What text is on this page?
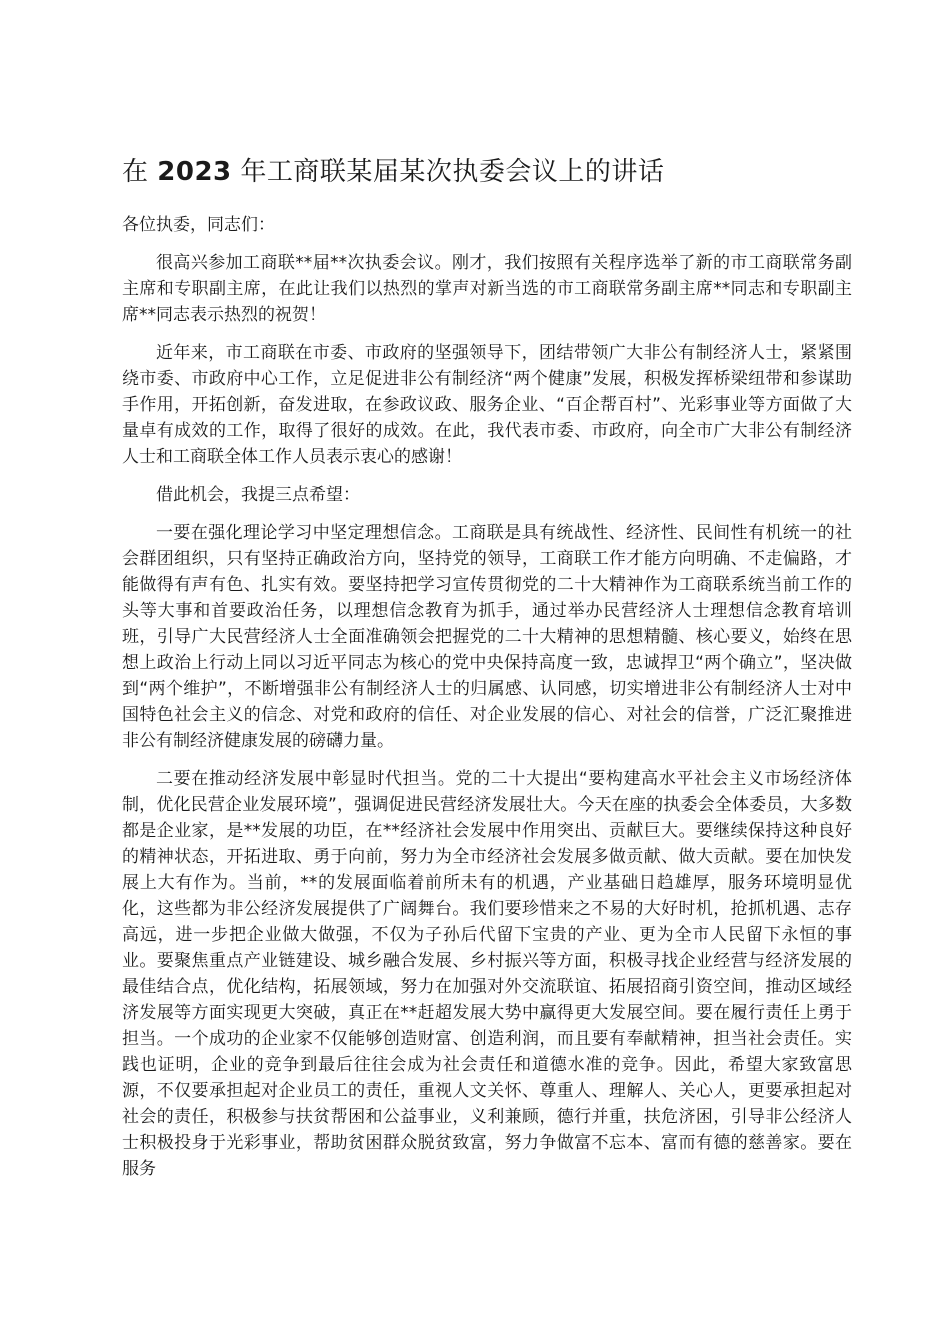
在 2023 年工商联某届某次执委会议上的讲话

各位执委，同志们：

很高兴参加工商联**届**次执委会议。刚才，我们按照有关程序选举了新的市工商联常务副主席和专职副主席，在此让我们以热烈的掌声对新当选的市工商联常务副主席**同志和专职副主席**同志表示热烈的祝贺！

近年来，市工商联在市委、市政府的坚强领导下，团结带领广大非公有制经济人士，紧紧围绕市委、市政府中心工作，立足促进非公有制经济“两个健康”发展，积极发挥桥梁纽带和参谋助手作用，开拓创新，奋发进取，在参政议政、服务企业、“百企帮百村”、光彩事业等方面做了大量卓有成效的工作，取得了很好的成效。在此，我代表市委、市政府，向全市广大非公有制经济人士和工商联全体工作人员表示衷心的感谢！

借此机会，我提三点希望：

一要在强化理论学习中坚定理想信念。工商联是具有统战性、经济性、民间性有机统一的社会群团组织，只有坚持正确政治方向，坚持党的领导，工商联工作才能方向明确、不走偏路，才能做得有声有色、扎实有效。要坚持把学习宣传贯彻党的二十大精神作为工商联系统当前工作的头等大事和首要政治任务，以理想信念教育为抓手，通过举办民营经济人士理想信念教育培训班，引导广大民营经济人士全面准确领会把握党的二十大精神的思想精髓、核心要义，始终在思想上政治上行动上同以习近平同志为核心的党中央保持高度一致，忠诚捍卫“两个确立”，坚决做到“两个维护”，不断增强非公有制经济人士的归属感、认同感，切实增进非公有制经济人士对中国特色社会主义的信念、对党和政府的信任、对企业发展的信心、对社会的信誉，广泛汇聚推进非公有制经济健康发展的磅礴力量。

二要在推动经济发展中彰显时代担当。党的二十大提出“要构建高水平社会主义市场经济体制，优化民营企业发展环境”，强调促进民营经济发展壮大。今天在座的执委会全体委员，大多数都是企业家，是**发展的功臣，在**经济社会发展中作用突出、贡献巨大。要继续保持这种良好的精神状态，开拓进取、勇于向前，努力为全市经济社会发展多做贡献、做大贡献。要在加快发展上大有作为。当前，**的发展面临着前所未有的机遇，产业基础日趋雄厚，服务环境明显优化，这些都为非公经济发展提供了广阔舞台。我们要珍惜来之不易的大好时机，抢抓机遇、志存高远，进一步把企业做大做强，不仅为子孙后代留下宝贵的产业、更为全市人民留下永恒的事业。要聚焦重点产业链建设、城乡融合发展、乡村振兴等方面，积极寻找企业经营与经济发展的最佳结合点，优化结构，拓展领域，努力在加强对外交流联谊、拓展招商引资空间，推动区域经济发展等方面实现更大突破，真正在**赶超发展大势中赢得更大发展空间。要在履行责任上勇于担当。一个成功的企业家不仅能够创造财富、创造利润，而且要有奉献精神，担当社会责任。实践也证明，企业的竞争到最后往往会成为社会责任和道德水准的竞争。因此，希望大家致富思源，不仅要承担起对企业员工的责任，重视人文关怀、尊重人、理解人、关心人，更要承担起对社会的责任，积极参与扶贫帮困和公益事业，义利兼顾，德行并重，扶危济困，引导非公经济人士积极投身于光彩事业，帮助贫困群众脱贫致富，努力争做富不忘本、富而有德的慈善家。要在服务
